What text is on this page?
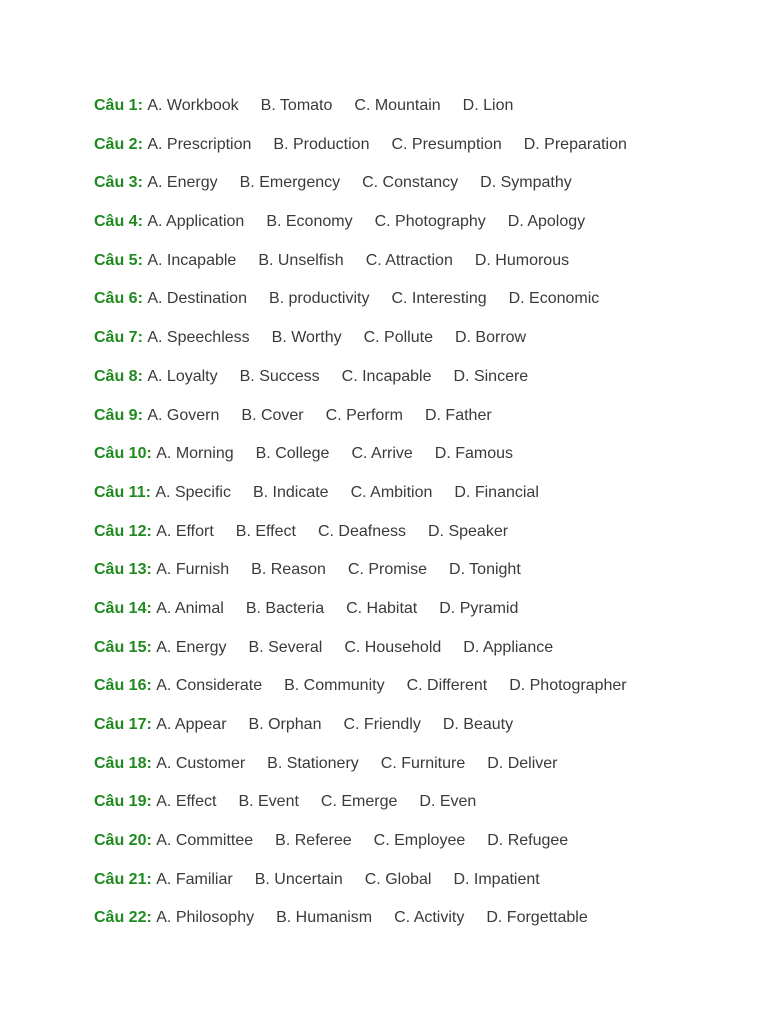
Câu 1: A. Workbook B. Tomato C. Mountain D. Lion
Câu 2: A. Prescription B. Production C. Presumption D. Preparation
Câu 3: A. Energy B. Emergency C. Constancy D. Sympathy
Câu 4: A. Application B. Economy C. Photography D. Apology
Câu 5: A. Incapable B. Unselfish C. Attraction D. Humorous
Câu 6: A. Destination B. productivity C. Interesting D. Economic
Câu 7: A. Speechless B. Worthy C. Pollute D. Borrow
Câu 8: A. Loyalty B. Success C. Incapable D. Sincere
Câu 9: A. Govern B. Cover C. Perform D. Father
Câu 10: A. Morning B. College C. Arrive D. Famous
Câu 11: A. Specific B. Indicate C. Ambition D. Financial
Câu 12: A. Effort B. Effect C. Deafness D. Speaker
Câu 13: A. Furnish B. Reason C. Promise D. Tonight
Câu 14: A. Animal B. Bacteria C. Habitat D. Pyramid
Câu 15: A. Energy B. Several C. Household D. Appliance
Câu 16: A. Considerate B. Community C. Different D. Photographer
Câu 17: A. Appear B. Orphan C. Friendly D. Beauty
Câu 18: A. Customer B. Stationery C. Furniture D. Deliver
Câu 19: A. Effect B. Event C. Emerge D. Even
Câu 20: A. Committee B. Referee C. Employee D. Refugee
Câu 21: A. Familiar B. Uncertain C. Global D. Impatient
Câu 22: A. Philosophy B. Humanism C. Activity D. Forgettable
